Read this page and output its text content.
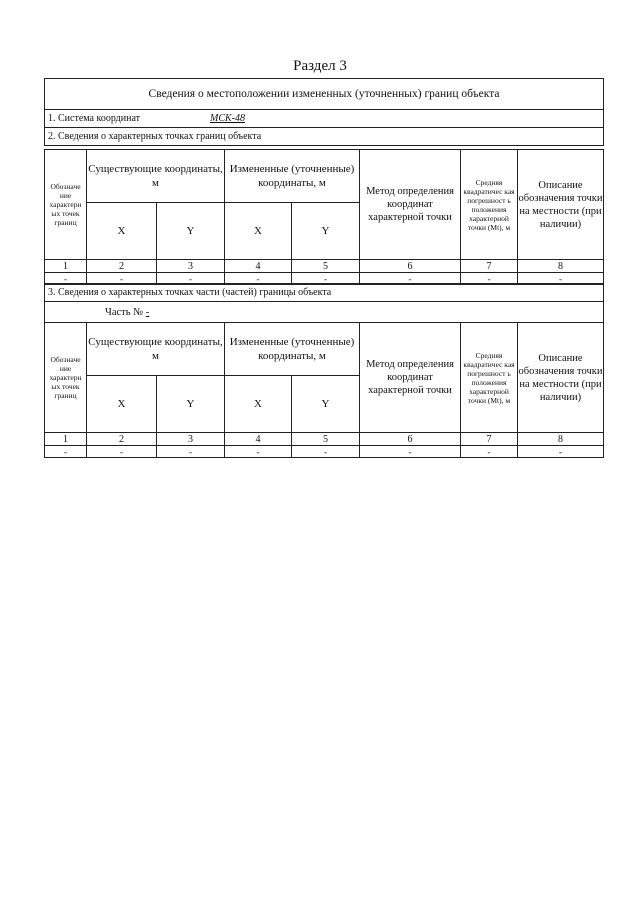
Раздел 3
Сведения о местоположении измененных (уточненных) границ объекта
1. Система координат	МСК-48
2. Сведения о характерных точках границ объекта
Обозначе ние характерн ых точек границ	Существующие координаты, м		Измененные (уточненные) координаты, м		Метод определения координат характерной точки	Средняя квадратичес кая погрешност ь положения характерной точки (Mt), м	Описание обозначения точки на местности (при наличии)
	X	Y	X	Y			
1	2	3	4	5	6	7	8
-	-	-	-	-	-	-	-
3. Сведения о характерных точках части (частей) границы объекта							
Часть № -							
Обозначе ние характерн ых точек границ	Существующие координаты, м		Измененные (уточненные) координаты, м		Метод определения координат характерной точки	Средняя квадратичес кая погрешност ь положения характерной точки (Mt), м	Описание обозначения точки на местности (при наличии)
	X	Y	X	Y			
1	2	3	4	5	6	7	8
-	-	-	-	-	-	-	-
